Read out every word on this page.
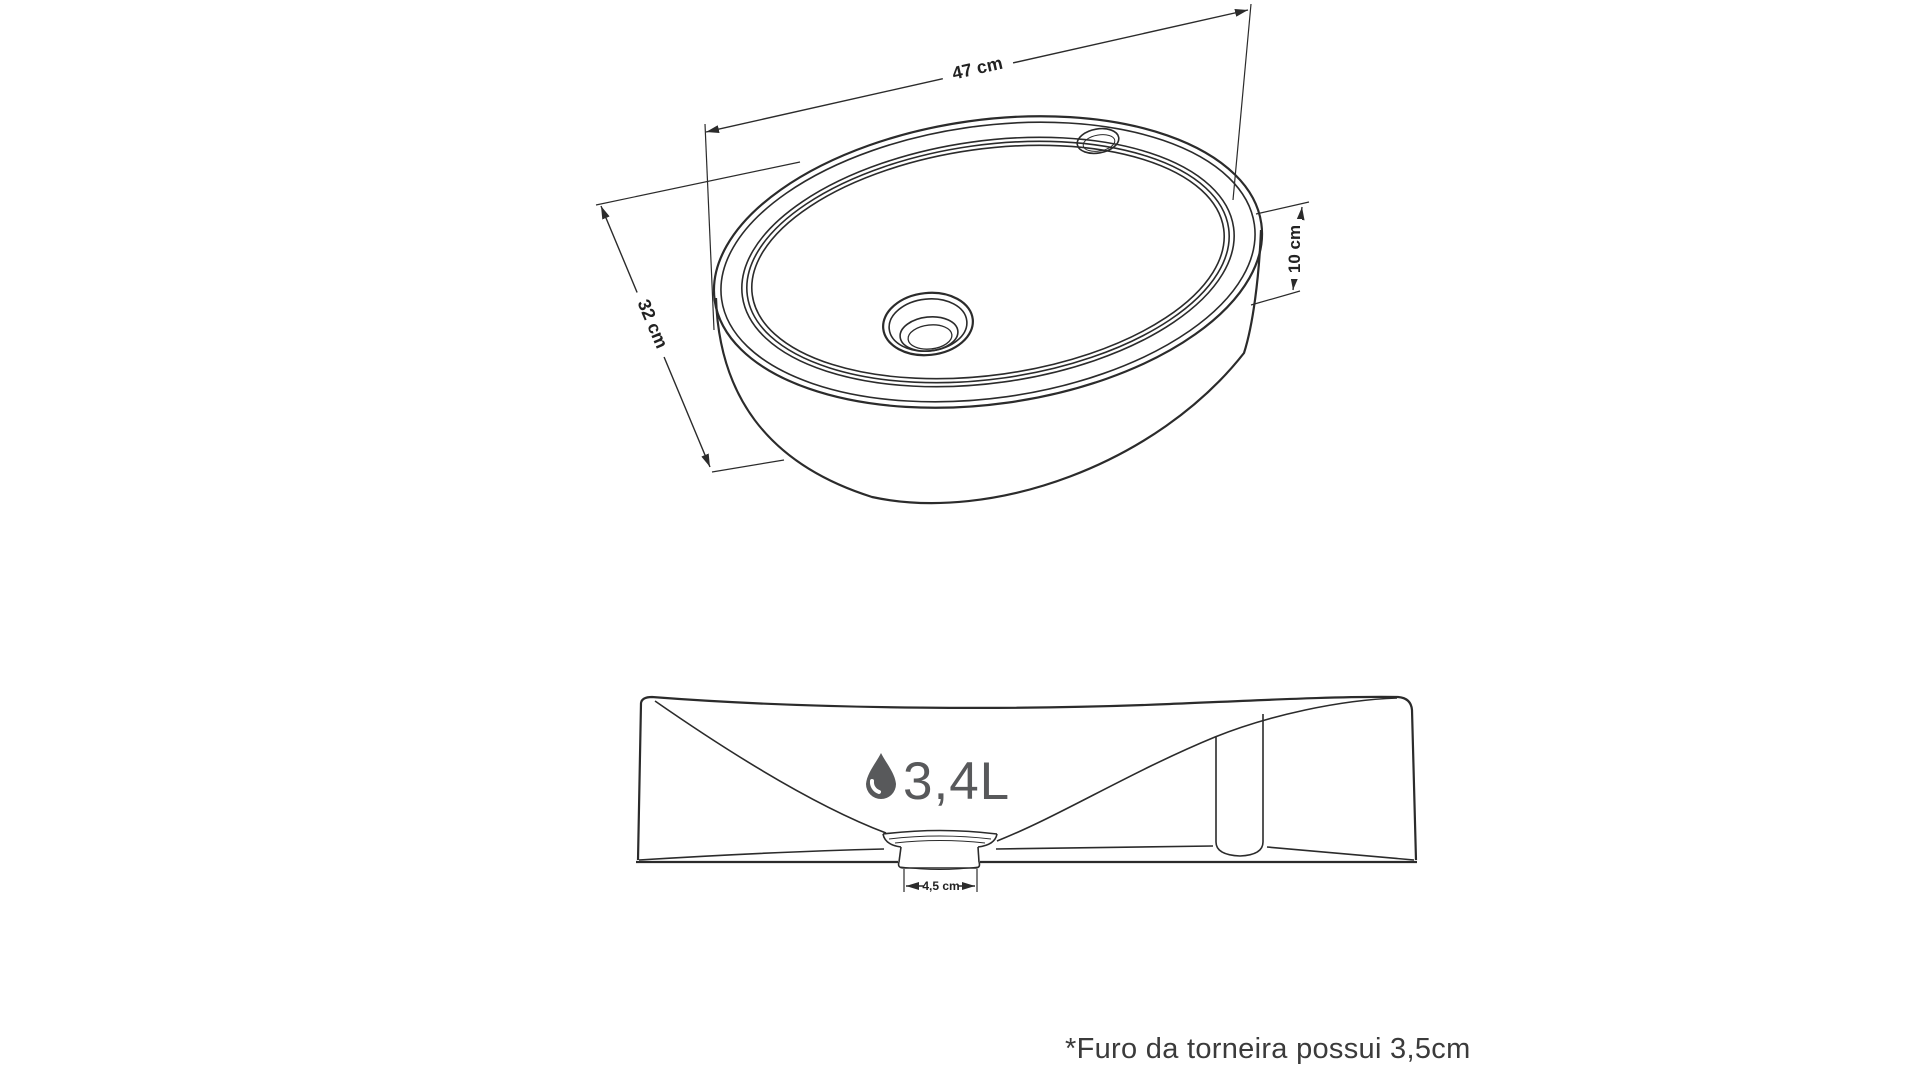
47 cm
32 cm
10 cm
3,4L
4,5 cm
*Furo da torneira possui 3,5cm
